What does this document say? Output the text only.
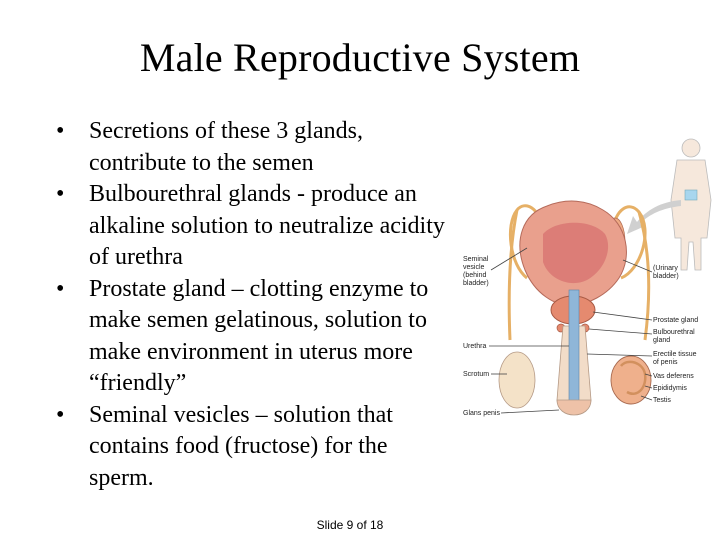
Male Reproductive System
• Secretions of these 3 glands, contribute to the semen
• Bulbourethral glands - produce an alkaline solution to neutralize acidity of urethra
• Prostate gland – clotting enzyme to make semen gelatinous, solution to make environment in uterus more “friendly”
• Seminal vesicles – solution that contains food (fructose) for the sperm.
Seminal vesicle (behind bladder)
Urethra
Scrotum
Glans penis
(Urinary bladder)
Prostate gland
Bulbourethral gland
Erectile tissue of penis
Vas deferens
Epididymis
Testis
Slide 9 of 18
